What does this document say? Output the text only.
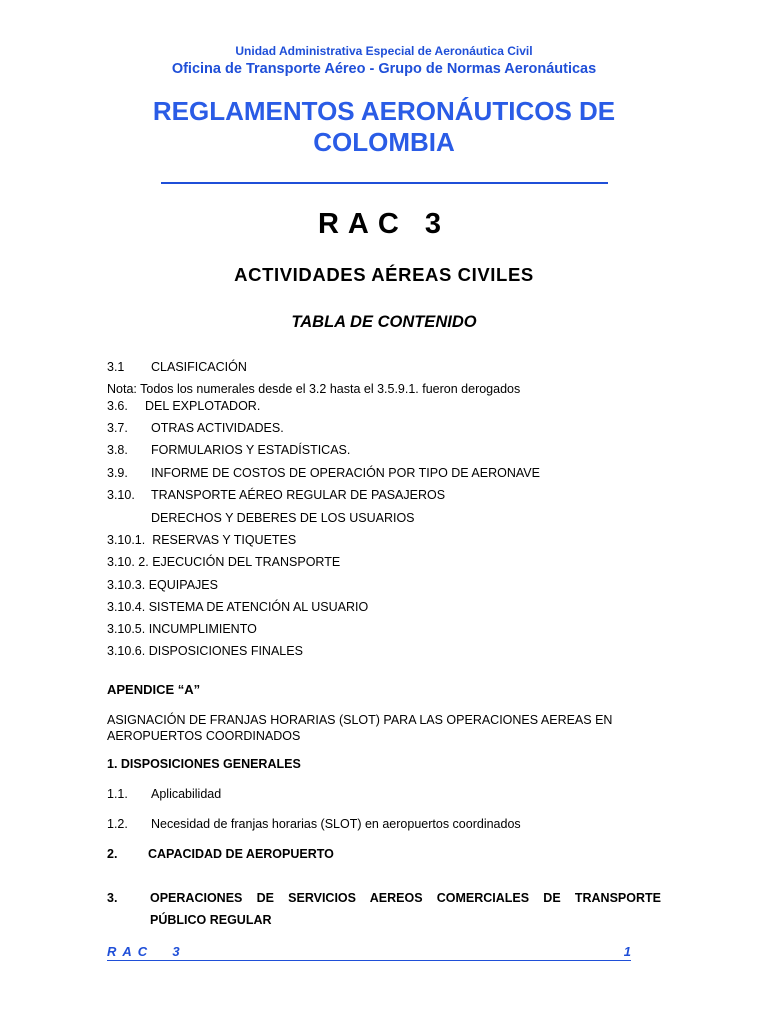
Unidad Administrativa Especial de Aeronáutica Civil
Oficina de Transporte Aéreo - Grupo de Normas Aeronáuticas
REGLAMENTOS AERONÁUTICOS DE
COLOMBIA
RAC 3
ACTIVIDADES AÉREAS CIVILES
TABLA DE CONTENIDO
3.1 CLASIFICACIÓN
Nota: Todos los numerales desde el 3.2 hasta el 3.5.9.1. fueron derogados
3.6. DEL EXPLOTADOR.
3.7. OTRAS ACTIVIDADES.
3.8. FORMULARIOS Y ESTADÍSTICAS.
3.9. INFORME DE COSTOS DE OPERACIÓN POR TIPO DE AERONAVE
3.10. TRANSPORTE AÉREO REGULAR DE PASAJEROS
DERECHOS Y DEBERES DE LOS USUARIOS
3.10.1. RESERVAS Y TIQUETES
3.10. 2. EJECUCIÓN DEL TRANSPORTE
3.10.3. EQUIPAJES
3.10.4. SISTEMA DE ATENCIÓN AL USUARIO
3.10.5. INCUMPLIMIENTO
3.10.6. DISPOSICIONES FINALES
APENDICE “A”
ASIGNACIÓN DE FRANJAS HORARIAS (SLOT) PARA LAS OPERACIONES AEREAS EN AEROPUERTOS COORDINADOS
1. DISPOSICIONES GENERALES
1.1. Aplicabilidad
1.2. Necesidad de franjas horarias (SLOT) en aeropuertos coordinados
2. CAPACIDAD DE AEROPUERTO
3.	OPERACIONES DE SERVICIOS AEREOS COMERCIALES DE TRANSPORTE
PÚBLICO REGULAR
RAC  3	1
